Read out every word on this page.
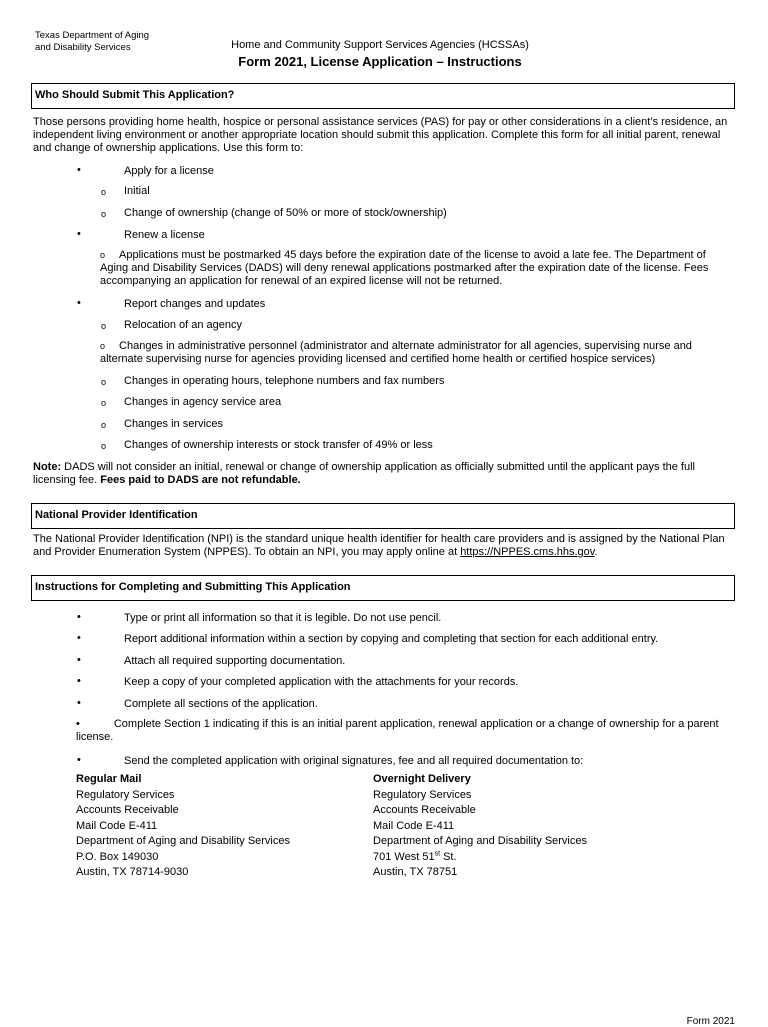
Texas Department of Aging
and Disability Services	Home and Community Support Services Agencies (HCSSAs)
Form 2021, License Application – Instructions
Who Should Submit This Application?
Those persons providing home health, hospice or personal assistance services (PAS) for pay or other considerations in a client’s residence, an independent living environment or another appropriate location should submit this application. Complete this form for all initial parent, renewal and change of ownership applications. Use this form to:
•	Apply for a license
o Initial
o Change of ownership (change of 50% or more of stock/ownership)
•	Renew a license
o Applications must be postmarked 45 days before the expiration date of the license to avoid a late fee. The Department of Aging and Disability Services (DADS) will deny renewal applications postmarked after the expiration date of the license. Fees accompanying an application for renewal of an expired license will not be returned.
•	Report changes and updates
o Relocation of an agency
o Changes in administrative personnel (administrator and alternate administrator for all agencies, supervising nurse and alternate supervising nurse for agencies providing licensed and certified home health or certified hospice services)
o Changes in operating hours, telephone numbers and fax numbers
o Changes in agency service area
o Changes in services
o Changes of ownership interests or stock transfer of 49% or less
Note: DADS will not consider an initial, renewal or change of ownership application as officially submitted until the applicant pays the full licensing fee. Fees paid to DADS are not refundable.
National Provider Identification
The National Provider Identification (NPI) is the standard unique health identifier for health care providers and is assigned by the National Plan and Provider Enumeration System (NPPES). To obtain an NPI, you may apply online at https://NPPES.cms.hhs.gov.
Instructions for Completing and Submitting This Application
•	Type or print all information so that it is legible. Do not use pencil.
•	Report additional information within a section by copying and completing that section for each additional entry.
•	Attach all required supporting documentation.
•	Keep a copy of your completed application with the attachments for your records.
•	Complete all sections of the application.
•	Complete Section 1 indicating if this is an initial parent application, renewal application or a change of ownership for a parent license.
•	Send the completed application with original signatures, fee and all required documentation to:
Regular Mail
Regulatory Services
Accounts Receivable
Mail Code E-411
Department of Aging and Disability Services
P.O. Box 149030
Austin, TX 78714-9030
Overnight Delivery
Regulatory Services
Accounts Receivable
Mail Code E-411
Department of Aging and Disability Services
701 West 51st St.
Austin, TX 78751
Form 2021
